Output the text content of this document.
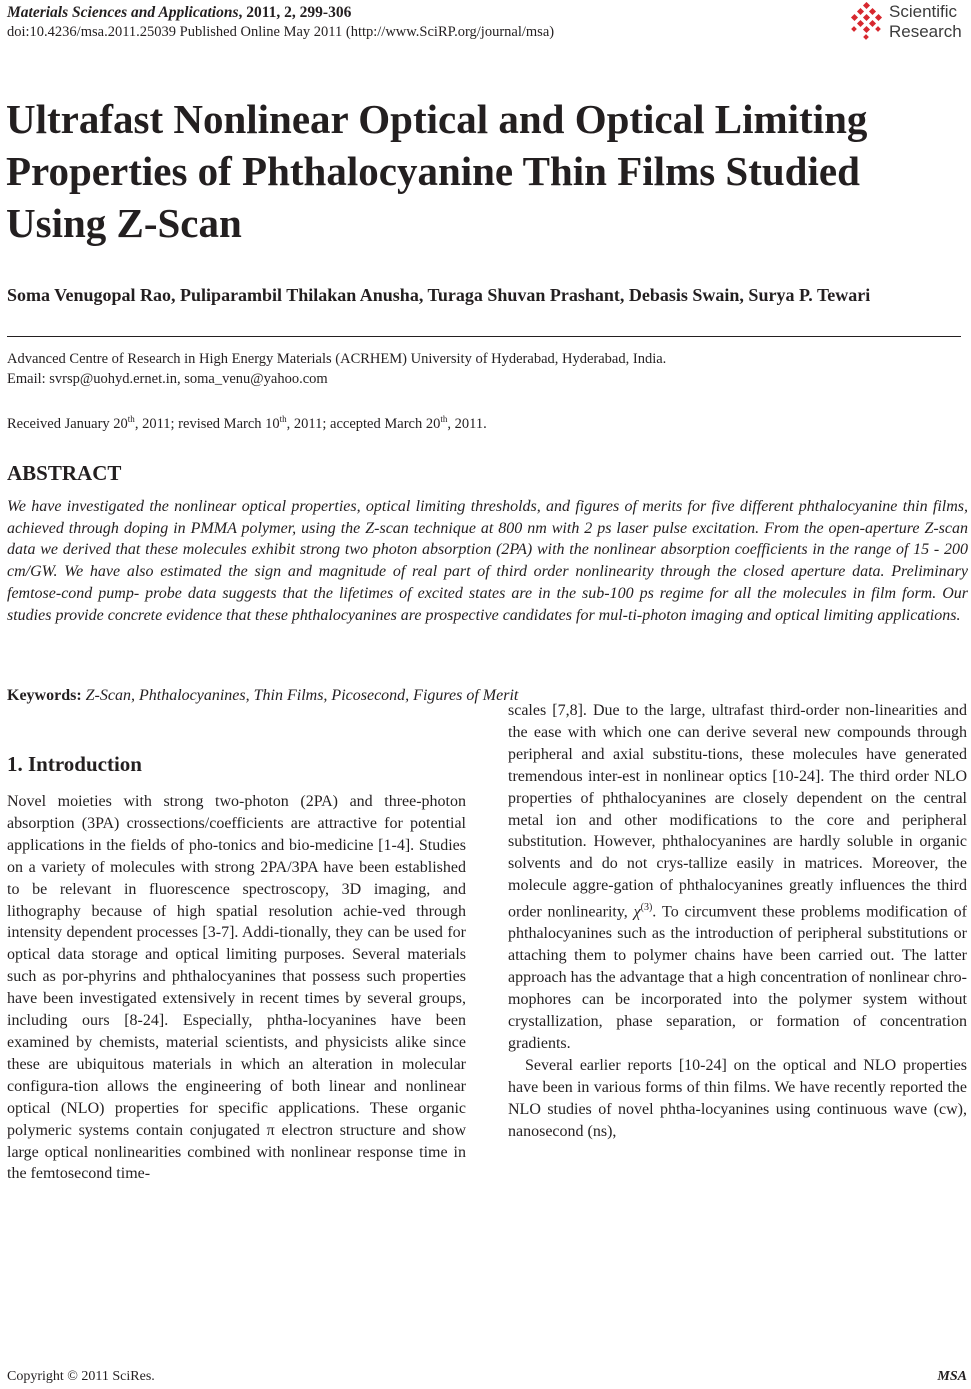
Materials Sciences and Applications, 2011, 2, 299-306
doi:10.4236/msa.2011.25039 Published Online May 2011 (http://www.SciRP.org/journal/msa)
Scientific
Research
Ultrafast Nonlinear Optical and Optical Limiting Properties of Phthalocyanine Thin Films Studied Using Z-Scan
Soma Venugopal Rao, Puliparambil Thilakan Anusha, Turaga Shuvan Prashant, Debasis Swain, Surya P. Tewari
Advanced Centre of Research in High Energy Materials (ACRHEM) University of Hyderabad, Hyderabad, India.
Email: svrsp@uohyd.ernet.in, soma_venu@yahoo.com
Received January 20th, 2011; revised March 10th, 2011; accepted March 20th, 2011.
ABSTRACT
We have investigated the nonlinear optical properties, optical limiting thresholds, and figures of merits for five different phthalocyanine thin films, achieved through doping in PMMA polymer, using the Z-scan technique at 800 nm with 2 ps laser pulse excitation. From the open-aperture Z-scan data we derived that these molecules exhibit strong two photon absorption (2PA) with the nonlinear absorption coefficients in the range of 15 - 200 cm/GW. We have also estimated the sign and magnitude of real part of third order nonlinearity through the closed aperture data. Preliminary femtose-cond pump- probe data suggests that the lifetimes of excited states are in the sub-100 ps regime for all the molecules in film form. Our studies provide concrete evidence that these phthalocyanines are prospective candidates for mul-ti-photon imaging and optical limiting applications.
Keywords: Z-Scan, Phthalocyanines, Thin Films, Picosecond, Figures of Merit
1. Introduction
Novel moieties with strong two-photon (2PA) and three-photon absorption (3PA) crossections/coefficients are attractive for potential applications in the fields of pho-tonics and bio-medicine [1-4]. Studies on a variety of molecules with strong 2PA/3PA have been established to be relevant in fluorescence spectroscopy, 3D imaging, and lithography because of high spatial resolution achie-ved through intensity dependent processes [3-7]. Addi-tionally, they can be used for optical data storage and optical limiting purposes. Several materials such as por-phyrins and phthalocyanines that possess such properties have been investigated extensively in recent times by several groups, including ours [8-24]. Especially, phtha-locyanines have been examined by chemists, material scientists, and physicists alike since these are ubiquitous materials in which an alteration in molecular configura-tion allows the engineering of both linear and nonlinear optical (NLO) properties for specific applications. These organic polymeric systems contain conjugated π electron structure and show large optical nonlinearities combined with nonlinear response time in the femtosecond time-

scales [7,8]. Due to the large, ultrafast third-order non-linearities and the ease with which one can derive several new compounds through peripheral and axial substitu-tions, these molecules have generated tremendous inter-est in nonlinear optics [10-24]. The third order NLO properties of phthalocyanines are closely dependent on the central metal ion and other modifications to the core and peripheral substitution. However, phthalocyanines are hardly soluble in organic solvents and do not crys-tallize easily in matrices. Moreover, the molecule aggre-gation of phthalocyanines greatly influences the third order nonlinearity, $\chi^{(3)}$. To circumvent these problems modification of phthalocyanines such as the introduction of peripheral substitutions or attaching them to polymer chains have been carried out. The latter approach has the advantage that a high concentration of nonlinear chro-mophores can be incorporated into the polymer system without crystallization, phase separation, or formation of concentration gradients.

Several earlier reports [10-24] on the optical and NLO properties have been in various forms of thin films. We have recently reported the NLO studies of novel phtha-locyanines using continuous wave (cw), nanosecond (ns),

Copyright © 2011 SciRes.	MSA
